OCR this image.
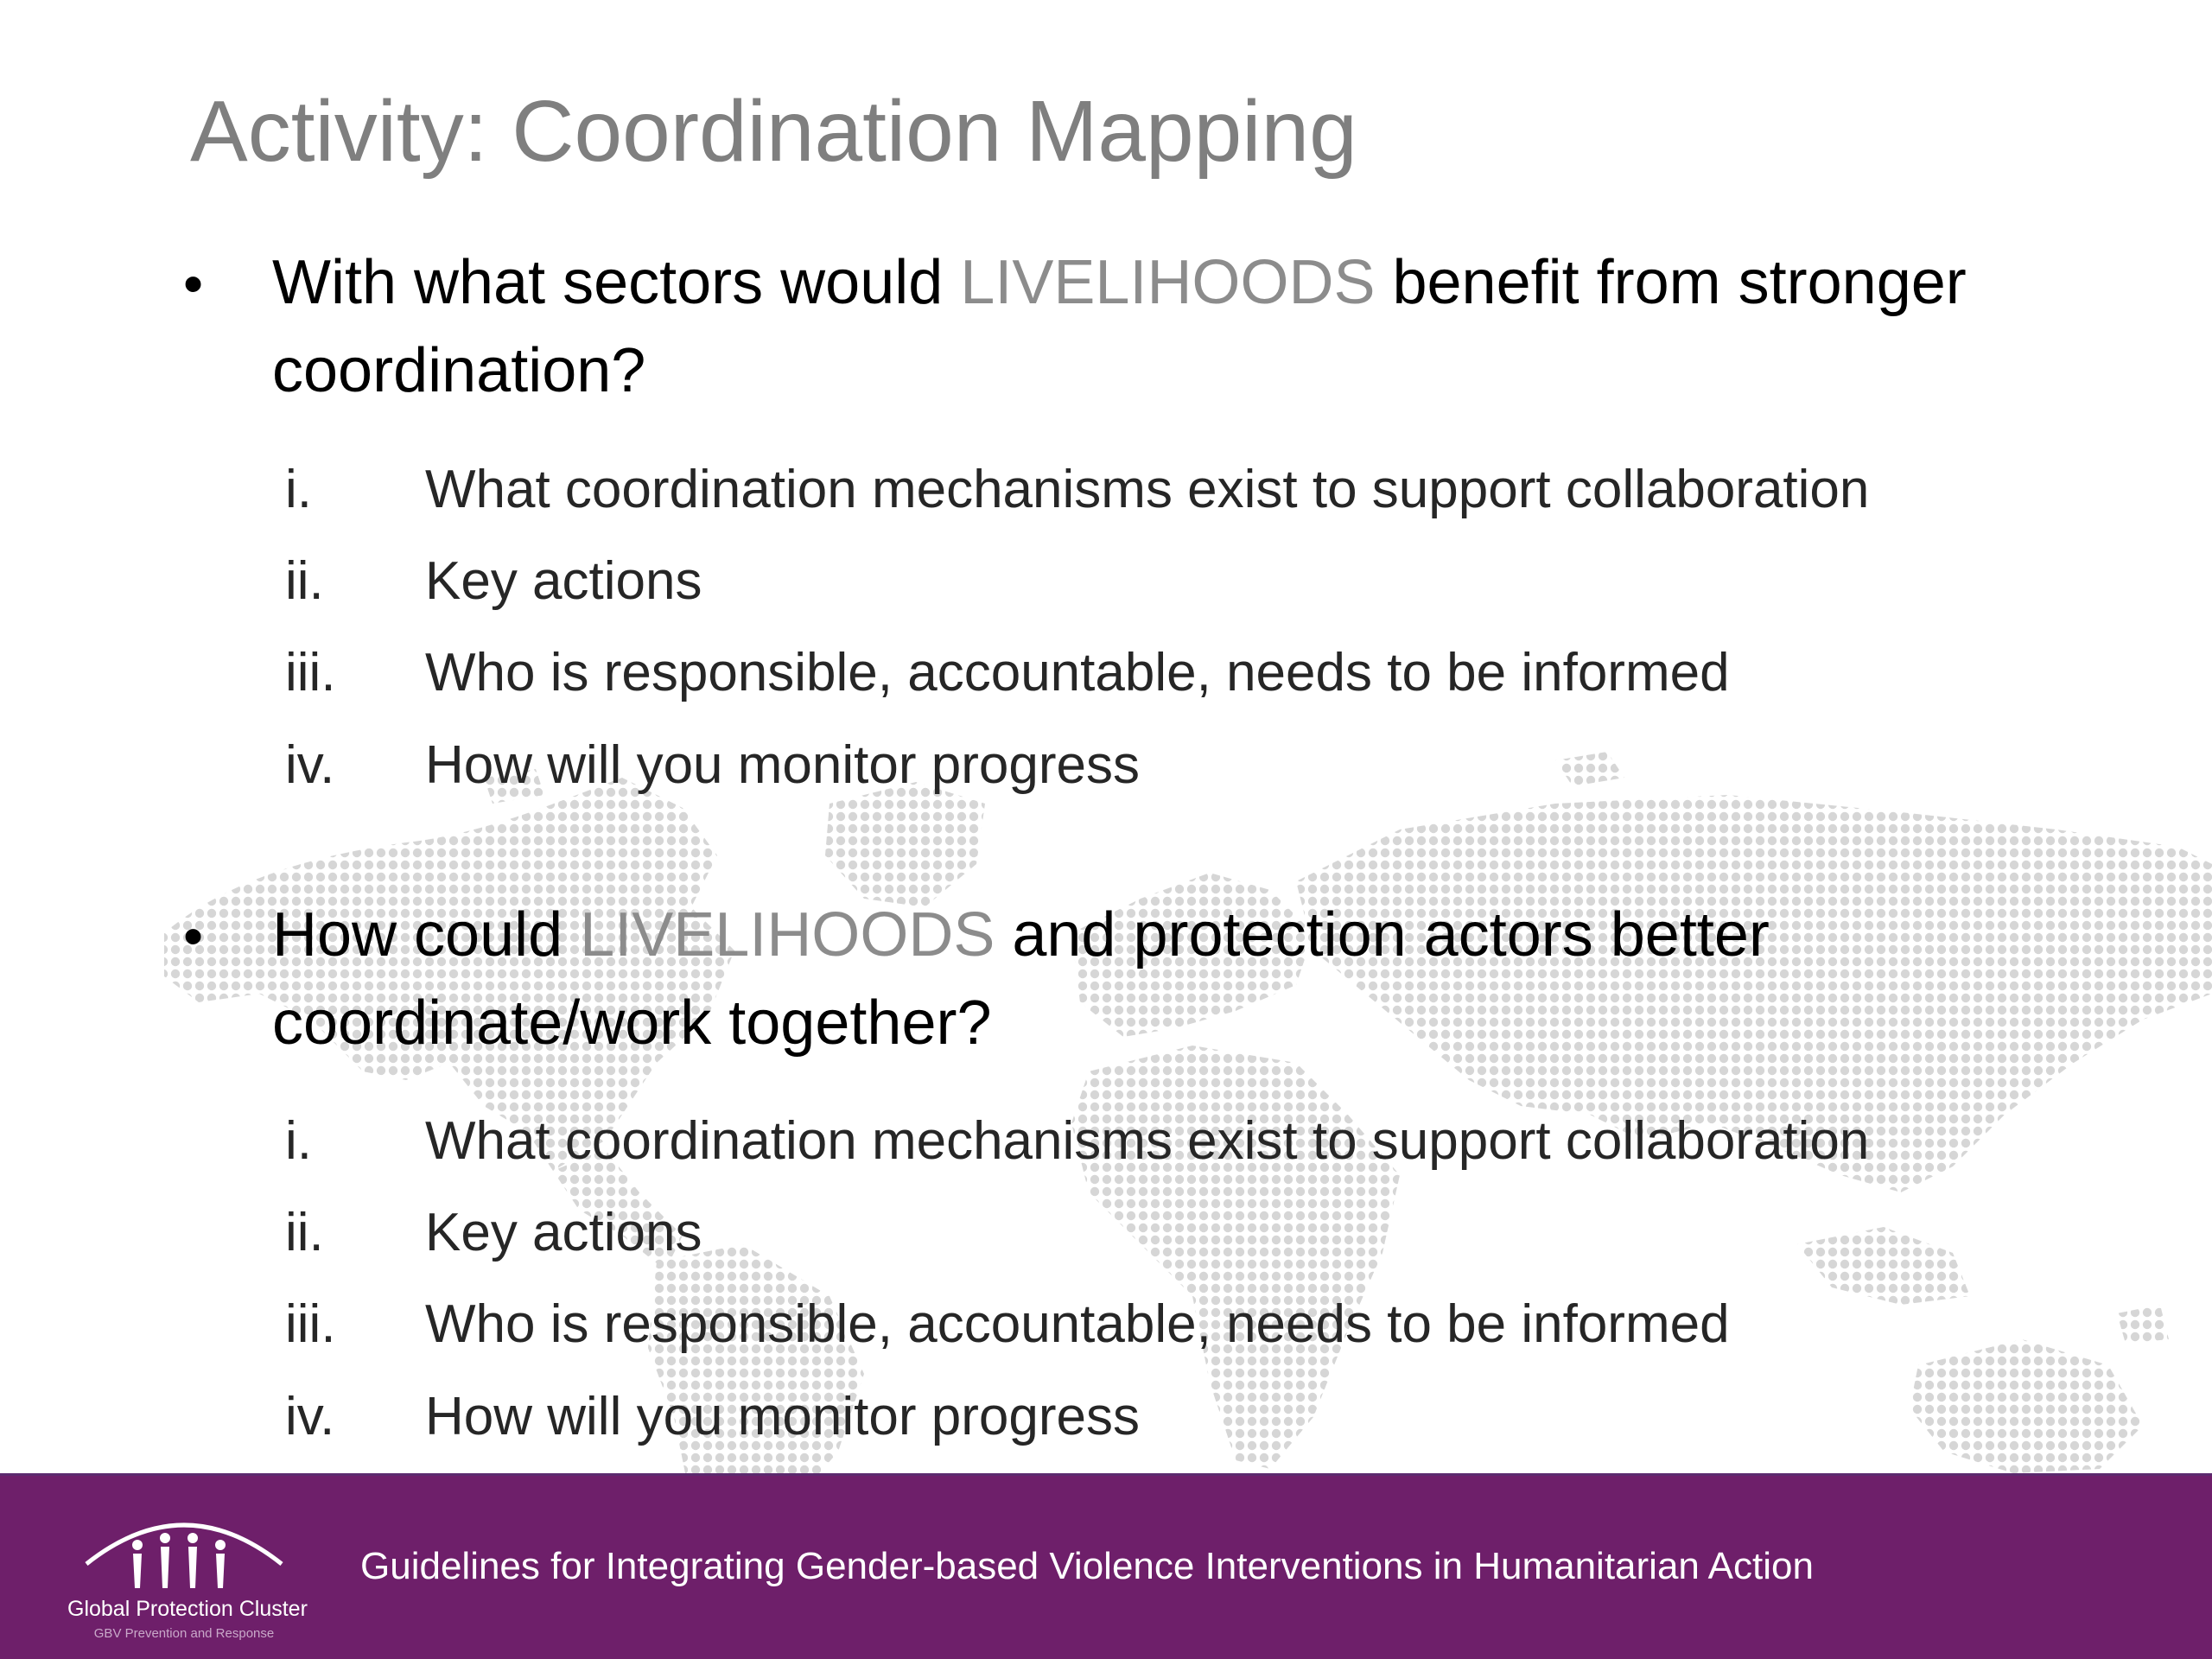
Activity: Coordination Mapping
• With what sectors would LIVELIHOODS benefit from stronger coordination?
i. What coordination mechanisms exist to support collaboration
ii. Key actions
iii. Who is responsible, accountable, needs to be informed
iv. How will you monitor progress
• How could LIVELIHOODS and protection actors better coordinate/work together?
i. What coordination mechanisms exist to support collaboration
ii. Key actions
iii. Who is responsible, accountable, needs to be informed
iv. How will you monitor progress
Global Protection Cluster
GBV Prevention and Response
Guidelines for Integrating Gender-based Violence Interventions in Humanitarian Action
